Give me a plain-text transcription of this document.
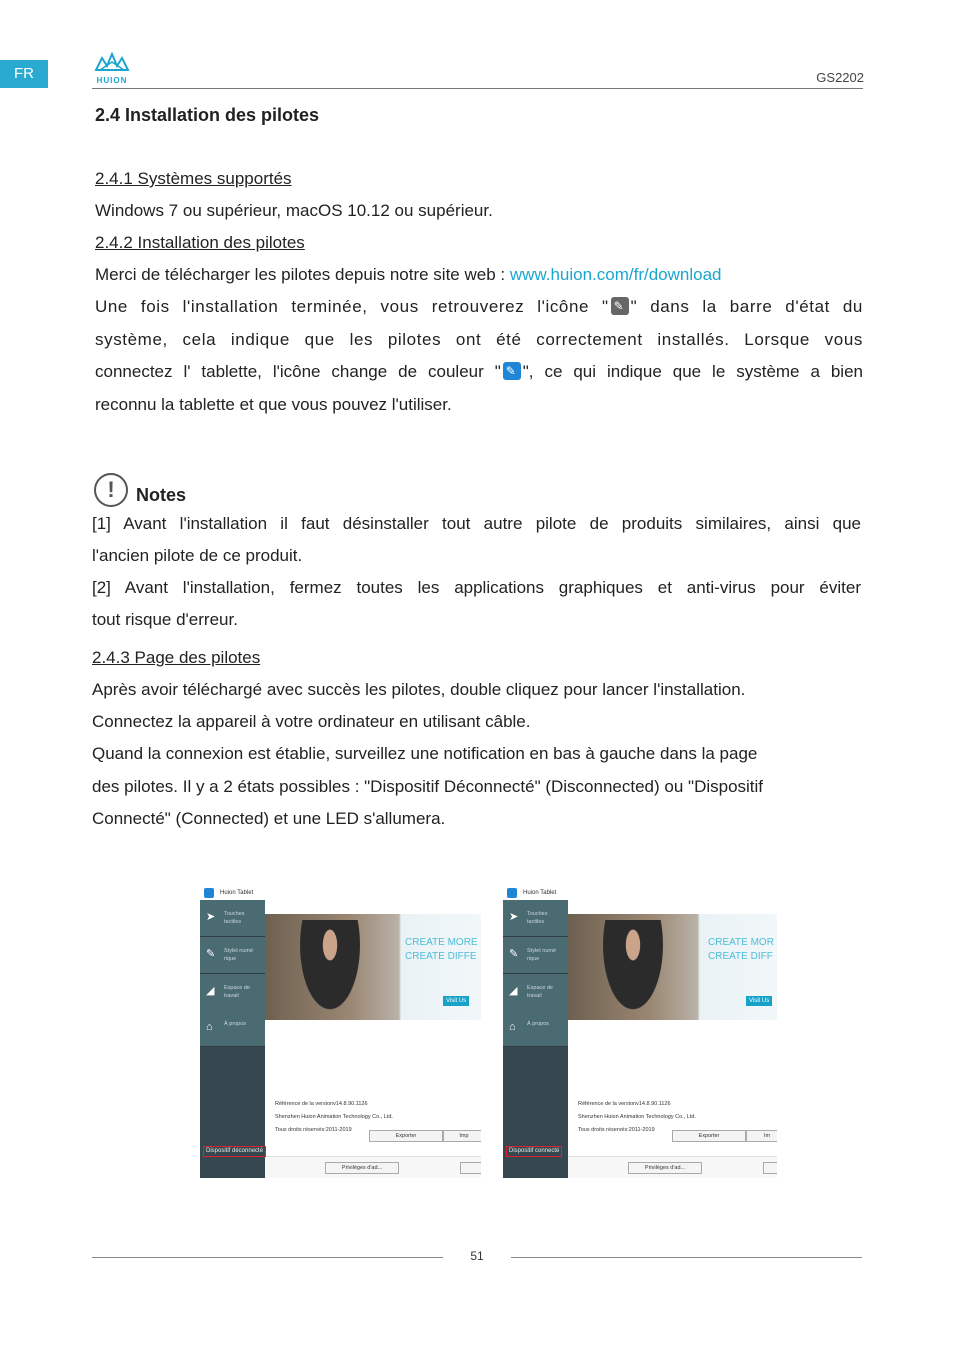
FR	HUION	GS2202

2.4 Installation des pilotes

2.4.1 Systèmes supportés

Windows 7 ou supérieur, macOS 10.12 ou supérieur.

2.4.2 Installation des pilotes

Merci de télécharger les pilotes depuis notre site web : www.huion.com/fr/download

Une fois l'installation terminée, vous retrouverez l'icône " ✎ " dans la barre d'état du

système, cela indique que les pilotes ont été correctement installés. Lorsque vous

connectez l' tablette, l'icône change de couleur " ✎ ", ce qui indique que le système a bien

reconnu la tablette et que vous pouvez l'utiliser.

!	Notes

[1] Avant l'installation il faut désinstaller tout autre pilote de produits similaires, ainsi que

l'ancien pilote de ce produit.

[2] Avant l'installation, fermez toutes les applications graphiques et anti-virus pour éviter

tout risque d'erreur.

2.4.3 Page des pilotes

Après avoir téléchargé avec succès les pilotes, double cliquez pour lancer l'installation.

Connectez la appareil à votre ordinateur en utilisant câble.

Quand la connexion est établie, surveillez une notification en bas à gauche dans la page

des pilotes. Il y a 2 états possibles : "Dispositif Déconnecté" (Disconnected) ou "Dispositif

Connecté" (Connected) et une LED s'allumera.

Huion Tablet
➤ Touches tactiles
✎ Stylet numé rique
◢ Espace de travail
⌂ À propos
CREATE MORE
CREATE DIFFE
Visit Us
Référence de la versionv14.8.90.1126
Shenzhen Huion Animation Technology Co., Ltd.
Tous droits réservés:2011-2019
Exporter	Imp
Dispositif déconnecté
Privilèges d'ad...
Huion Tablet
➤ Touches tactiles
✎ Stylet numé rique
◢ Espace de travail
⌂ À propos
CREATE MOR
CREATE DIFF
Visit Us
Référence de la versionv14.8.90.1126
Shenzhen Huion Animation Technology Co., Ltd.
Tous droits réservés:2011-2019
Exporter	Im
Dispositif connecté
Privilèges d'ad...
51
